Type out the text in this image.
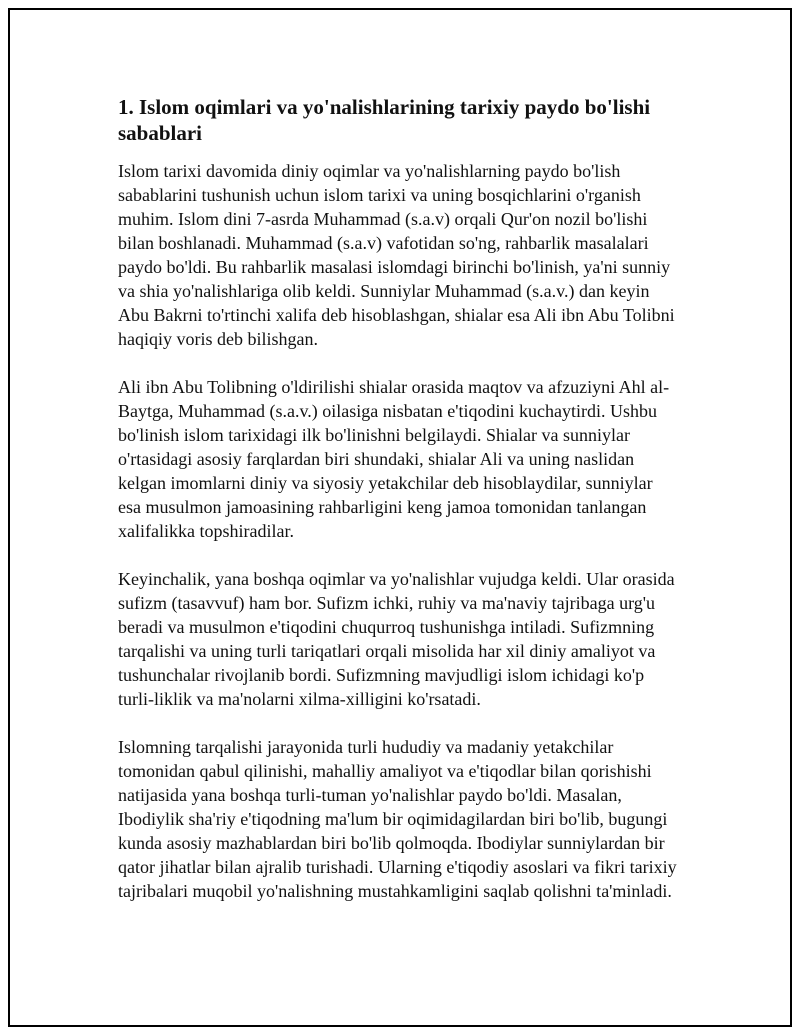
1. Islom oqimlari va yo'nalishlarining tarixiy paydo bo'lishi sabablari

Islom tarixi davomida diniy oqimlar va yo'nalishlarning paydo bo'lish sabablarini tushunish uchun islom tarixi va uning bosqichlarini o'rganish muhim. Islom dini 7-asrda Muhammad (s.a.v) orqali Qur'on nozil bo'lishi bilan boshlanadi. Muhammad (s.a.v) vafotidan so'ng, rahbarlik masalalari paydo bo'ldi. Bu rahbarlik masalasi islomdagi birinchi bo'linish, ya'ni sunniy va shia yo'nalishlariga olib keldi. Sunniylar Muhammad (s.a.v.) dan keyin Abu Bakrni to'rtinchi xalifa deb hisoblashgan, shialar esa Ali ibn Abu Tolibni haqiqiy voris deb bilishgan.

Ali ibn Abu Tolibning o'ldirilishi shialar orasida maqtov va afzuziyni Ahl al-Baytga, Muhammad (s.a.v.) oilasiga nisbatan e'tiqodini kuchaytirdi. Ushbu bo'linish islom tarixidagi ilk bo'linishni belgilaydi. Shialar va sunniylar o'rtasidagi asosiy farqlardan biri shundaki, shialar Ali va uning naslidan kelgan imomlarni diniy va siyosiy yetakchilar deb hisoblaydilar, sunniylar esa musulmon jamoasining rahbarligini keng jamoa tomonidan tanlangan xalifalikka topshiradilar.

Keyinchalik, yana boshqa oqimlar va yo'nalishlar vujudga keldi. Ular orasida sufizm (tasavvuf) ham bor. Sufizm ichki, ruhiy va ma'naviy tajribaga urg'u beradi va musulmon e'tiqodini chuqurroq tushunishga intiladi. Sufizmning tarqalishi va uning turli tariqatlari orqali misolida har xil diniy amaliyot va tushunchalar rivojlanib bordi. Sufizmning mavjudligi islom ichidagi ko'p turli-liklik va ma'nolarni xilma-xilligini ko'rsatadi.

Islomning tarqalishi jarayonida turli hududiy va madaniy yetakchilar tomonidan qabul qilinishi, mahalliy amaliyot va e'tiqodlar bilan qorishishi natijasida yana boshqa turli-tuman yo'nalishlar paydo bo'ldi. Masalan, Ibodiylik sha'riy e'tiqodning ma'lum bir oqimidagilardan biri bo'lib, bugungi kunda asosiy mazhablardan biri bo'lib qolmoqda. Ibodiylar sunniylardan bir qator jihatlar bilan ajralib turishadi. Ularning e'tiqodiy asoslari va fikri tarixiy tajribalari muqobil yo'nalishning mustahkamligini saqlab qolishni ta'minladi.
